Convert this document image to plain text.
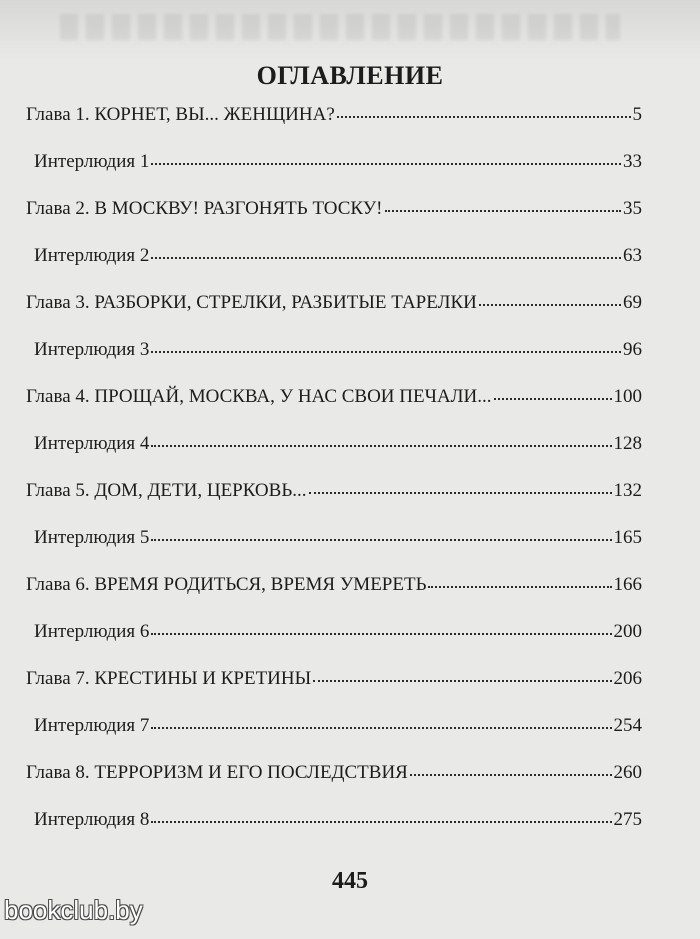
ОГЛАВЛЕНИЕ
Глава 1. КОРНЕТ, ВЫ... ЖЕНЩИНА?	5
Интерлюдия 1	33
Глава 2. В МОСКВУ! РАЗГОНЯТЬ ТОСКУ!	35
Интерлюдия 2	63
Глава 3. РАЗБОРКИ, СТРЕЛКИ, РАЗБИТЫЕ ТАРЕЛКИ	69
Интерлюдия 3	96
Глава 4. ПРОЩАЙ, МОСКВА, У НАС СВОИ ПЕЧАЛИ...	100
Интерлюдия 4	128
Глава 5. ДОМ, ДЕТИ, ЦЕРКОВЬ...	132
Интерлюдия 5	165
Глава 6. ВРЕМЯ РОДИТЬСЯ, ВРЕМЯ УМЕРЕТЬ	166
Интерлюдия 6	200
Глава 7. КРЕСТИНЫ И КРЕТИНЫ	206
Интерлюдия 7	254
Глава 8. ТЕРРОРИЗМ И ЕГО ПОСЛЕДСТВИЯ	260
Интерлюдия 8	275
445
bookclub.by
